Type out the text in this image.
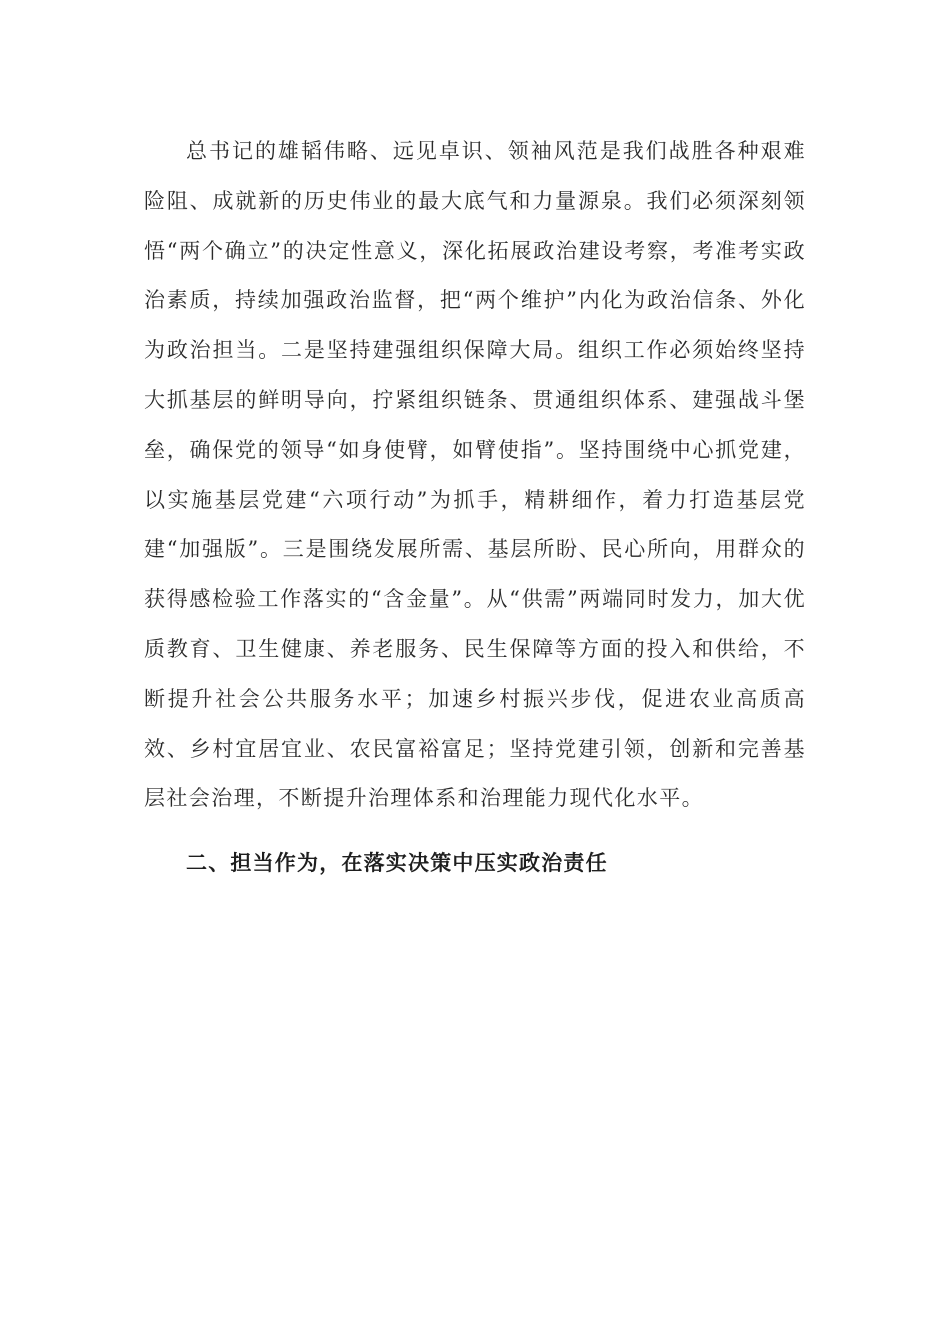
总书记的雄韬伟略、远见卓识、领袖风范是我们战胜各种艰难险阻、成就新的历史伟业的最大底气和力量源泉。我们必须深刻领悟“两个确立”的决定性意义，深化拓展政治建设考察，考准考实政治素质，持续加强政治监督，把“两个维护”内化为政治信条、外化为政治担当。二是坚持建强组织保障大局。组织工作必须始终坚持大抓基层的鲜明导向，拧紧组织链条、贯通组织体系、建强战斗堡垒，确保党的领导“如身使臂，如臂使指”。坚持围绕中心抓党建，以实施基层党建“六项行动”为抓手，精耕细作，着力打造基层党建“加强版”。三是围绕发展所需、基层所盼、民心所向，用群众的获得感检验工作落实的“含金量”。从“供需”两端同时发力，加大优质教育、卫生健康、养老服务、民生保障等方面的投入和供给，不断提升社会公共服务水平；加速乡村振兴步伐，促进农业高质高效、乡村宜居宜业、农民富裕富足；坚持党建引领，创新和完善基层社会治理，不断提升治理体系和治理能力现代化水平。

二、担当作为，在落实决策中压实政治责任
